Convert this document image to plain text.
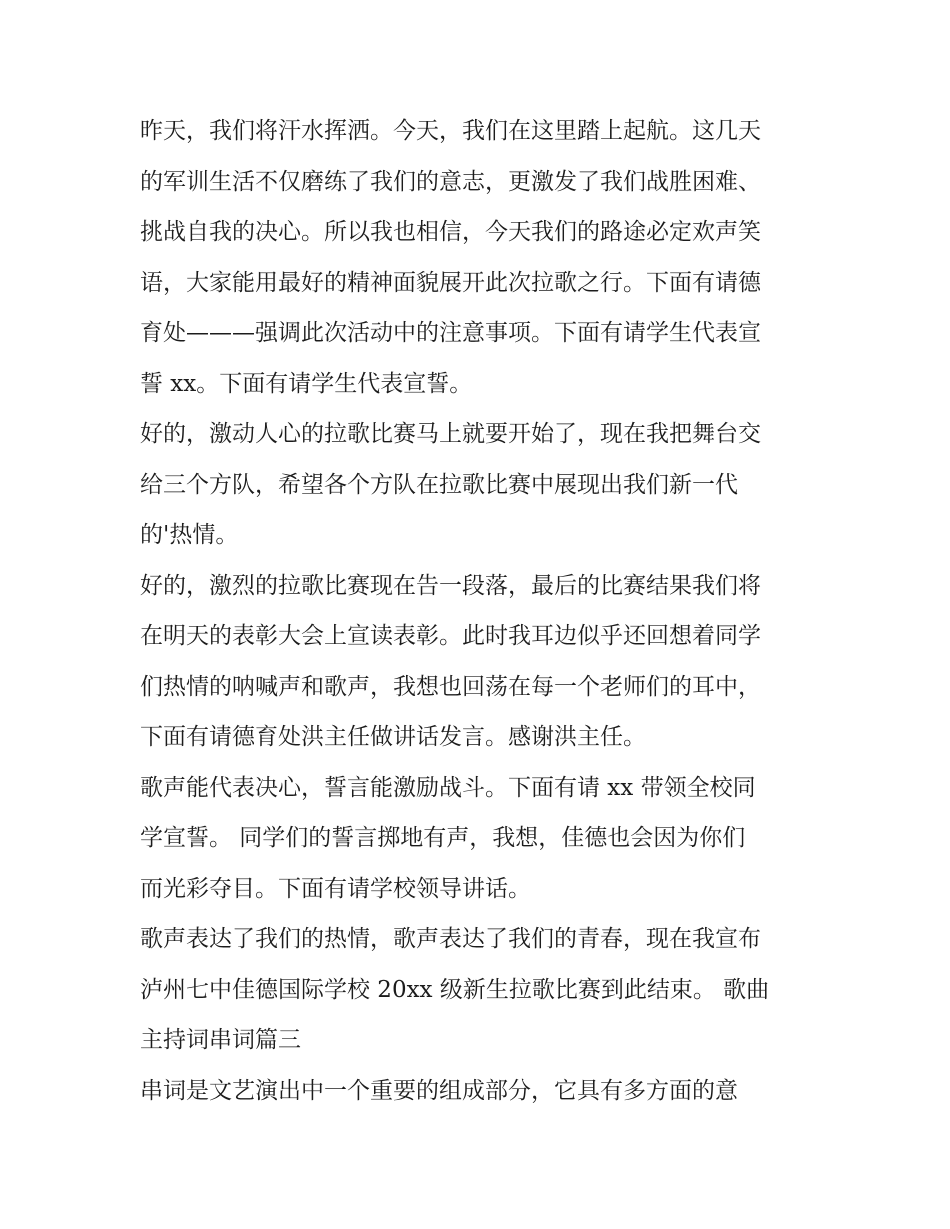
昨天，我们将汗水挥洒。今天，我们在这里踏上起航。这几天
的军训生活不仅磨练了我们的意志，更激发了我们战胜困难、
挑战自我的决心。所以我也相信，今天我们的路途必定欢声笑
语，大家能用最好的精神面貌展开此次拉歌之行。下面有请德
育处———强调此次活动中的注意事项。下面有请学生代表宣
誓 xx。下面有请学生代表宣誓。
好的，激动人心的拉歌比赛马上就要开始了，现在我把舞台交
给三个方队，希望各个方队在拉歌比赛中展现出我们新一代
的'热情。
好的，激烈的拉歌比赛现在告一段落，最后的比赛结果我们将
在明天的表彰大会上宣读表彰。此时我耳边似乎还回想着同学
们热情的呐喊声和歌声，我想也回荡在每一个老师们的耳中，
下面有请德育处洪主任做讲话发言。感谢洪主任。
歌声能代表决心，誓言能激励战斗。下面有请 xx 带领全校同
学宣誓。 同学们的誓言掷地有声，我想，佳德也会因为你们
而光彩夺目。下面有请学校领导讲话。
歌声表达了我们的热情，歌声表达了我们的青春，现在我宣布
泸州七中佳德国际学校 20xx 级新生拉歌比赛到此结束。 歌曲
主持词串词篇三
串词是文艺演出中一个重要的组成部分，它具有多方面的意
